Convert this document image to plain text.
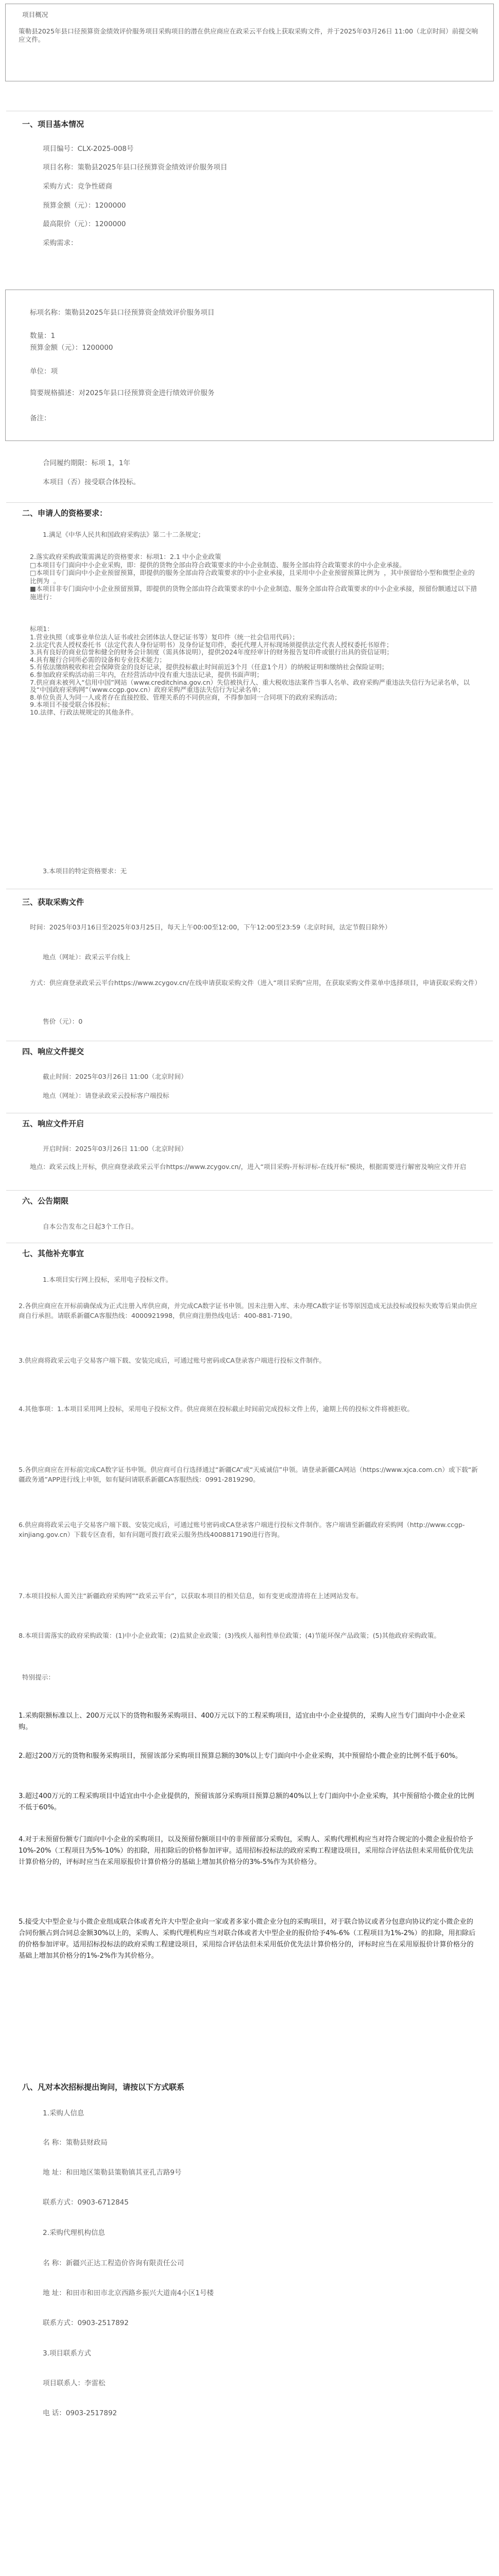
项目概况
策勒县2025年县口径预算资金绩效评价服务项目采购项目的潜在供应商应在政采云平台线上获取采购文件，并于2025年03月26日 11:00（北京时间）前提交响应文件。
一、项目基本情况
项目编号：CLX-2025-008号
项目名称：策勒县2025年县口径预算资金绩效评价服务项目
采购方式：竞争性磋商
预算金额（元）：1200000
最高限价（元）：1200000
采购需求：
标项名称：策勒县2025年县口径预算资金绩效评价服务项目
数量：1
预算金额（元）：1200000
单位：项
简要规格描述：对2025年县口径预算资金进行绩效评价服务
备注：
合同履约期限：标项 1，1年
本项目（否）接受联合体投标。
二、申请人的资格要求：
1.满足《中华人民共和国政府采购法》第二十二条规定；
2.落实政府采购政策需满足的资格要求：标项1：2.1 中小企业政策
□本项目专门面向中小企业采购，即：提供的货物全部由符合政策要求的中小企业制造、服务全部由符合政策要求的中小企业承接。
□本项目专门面向中小企业预留预算，即提供的服务全部由符合政策要求的中小企业承接，且采用中小企业预留预算比例为  ，其中预留给小型和微型企业的比例为  。
■本项目非专门面向中小企业预留预算，即提供的货物全部由符合政策要求的中小企业制造、服务全部由符合政策要求的中小企业承接，预留份额通过以下措施进行：
标项1：
1.营业执照（或事业单位法人证书或社会团体法人登记证书等）复印件（统一社会信用代码）；
2.法定代表人授权委托书（法定代表人身份证明书）及身份证复印件，委托代理人开标现场须提供法定代表人授权委托书原件；
3.具有良好的商业信誉和健全的财务会计制度（需具体说明），提供2024年度经审计的财务报告复印件或银行出具的资信证明；
4.具有履行合同所必需的设备和专业技术能力；
5.有依法缴纳税收和社会保障资金的良好记录，提供投标截止时间前近3个月（任意1个月）的纳税证明和缴纳社会保险证明；
6.参加政府采购活动前三年内，在经营活动中没有重大违法记录，提供书面声明；
7.供应商未被列入“信用中国”网站（www.creditchina.gov.cn）失信被执行人、重大税收违法案件当事人名单、政府采购严重违法失信行为记录名单，以及“中国政府采购网”（www.ccgp.gov.cn）政府采购严重违法失信行为记录名单；
8.单位负责人为同一人或者存在直接控股、管理关系的不同供应商，不得参加同一合同项下的政府采购活动；
9.本项目不接受联合体投标；
10.法律、行政法规规定的其他条件。
3.本项目的特定资格要求：无
三、获取采购文件
时间：2025年03月16日至2025年03月25日，每天上午00:00至12:00，下午12:00至23:59（北京时间，法定节假日除外）
地点（网址）：政采云平台线上
方式：供应商登录政采云平台https://www.zcygov.cn/在线申请获取采购文件（进入“项目采购”应用，在获取采购文件菜单中选择项目，申请获取采购文件）
售价（元）：0
四、响应文件提交
截止时间：2025年03月26日 11:00（北京时间）
地点（网址）：请登录政采云投标客户端投标
五、响应文件开启
开启时间：2025年03月26日 11:00（北京时间）
地点：政采云线上开标，供应商登录政采云平台https://www.zcygov.cn/，进入“项目采购-开标评标-在线开标”模块，根据需要进行解密及响应文件开启
六、公告期限
自本公告发布之日起3个工作日。
七、其他补充事宜
1.本项目实行网上投标，采用电子投标文件。
2.各供应商应在开标前确保成为正式注册入库供应商，并完成CA数字证书申领。因未注册入库、未办理CA数字证书等原因造成无法投标或投标失败等后果由供应商自行承担。请联系新疆CA客服热线：4000921998，供应商注册热线电话：400-881-7190。
3.供应商将政采云电子交易客户端下载、安装完成后，可通过账号密码或CA登录客户端进行投标文件制作。
4.其他事项：1.本项目采用网上投标，采用电子投标文件。供应商须在投标截止时间前完成投标文件上传，逾期上传的投标文件将被拒收。
5.各供应商应在开标前完成CA数字证书申领。供应商可自行选择通过“新疆CA”或“天威诚信”申领。请登录新疆CA网站（https://www.xjca.com.cn）或下载“新疆政务通”APP进行线上申领，如有疑问请联系新疆CA客服热线：0991-2819290。
6.供应商将政采云电子交易客户端下载、安装完成后，可通过账号密码或CA登录客户端进行投标文件制作。客户端请至新疆政府采购网（http://www.ccgp-xinjiang.gov.cn）下载专区查看，如有问题可拨打政采云服务热线4008817190进行咨询。
7.本项目投标人需关注“新疆政府采购网”“政采云平台”，以获取本项目的相关信息，如有变更或澄清将在上述网站发布。
8.本项目需落实的政府采购政策：(1)中小企业政策；(2)监狱企业政策；(3)残疾人福利性单位政策；(4)节能环保产品政策；(5)其他政府采购政策。
特别提示：
1.采购限额标准以上、200万元以下的货物和服务采购项目、400万元以下的工程采购项目，适宜由中小企业提供的，采购人应当专门面向中小企业采购。
2.超过200万元的货物和服务采购项目，预留该部分采购项目预算总额的30%以上专门面向中小企业采购，其中预留给小微企业的比例不低于60%。
3.超过400万元的工程采购项目中适宜由中小企业提供的，预留该部分采购项目预算总额的40%以上专门面向中小企业采购，其中预留给小微企业的比例不低于60%。
4.对于未预留份额专门面向中小企业的采购项目，以及预留份额项目中的非预留部分采购包，采购人、采购代理机构应当对符合规定的小微企业报价给予10%-20%（工程项目为5%-10%）的扣除，用扣除后的价格参加评审。适用招标投标法的政府采购工程建设项目，采用综合评估法但未采用低价优先法计算价格分的，评标时应当在采用原报价计算价格分的基础上增加其价格分的3%-5%作为其价格分。
5.接受大中型企业与小微企业组成联合体或者允许大中型企业向一家或者多家小微企业分包的采购项目，对于联合协议或者分包意向协议约定小微企业的合同份额占到合同总金额30%以上的，采购人、采购代理机构应当对联合体或者大中型企业的报价给予4%-6%（工程项目为1%-2%）的扣除，用扣除后的价格参加评审。适用招标投标法的政府采购工程建设项目，采用综合评估法但未采用低价优先法计算价格分的，评标时应当在采用原报价计算价格分的基础上增加其价格分的1%-2%作为其价格分。
八、凡对本次招标提出询问，请按以下方式联系
1.采购人信息
名 称：策勒县财政局
地 址：和田地区策勒县策勒镇其亚孔吉路9号
联系方式：0903-6712845
2.采购代理机构信息
名 称：新疆兴正达工程造价咨询有限责任公司
地 址：和田市和田市北京西路乡振兴大道南4小区1号楼
联系方式：0903-2517892
3.项目联系方式
项目联系人：李雷松
电 话：0903-2517892
